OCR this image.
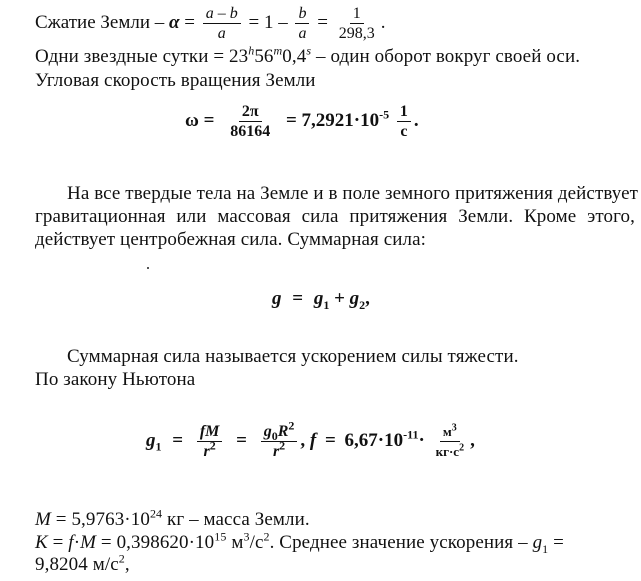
Сжатие Земли – $\alpha = \frac{a - b}{a} = 1 - \frac{b}{a} = \frac{1}{298,3}$ .
Одни звездные сутки = $23^h56^m0,4^s$ – один оборот вокруг своей оси.
Угловая скорость вращения Земли
$\omega = \frac{2\pi}{86164} = 7,2921\cdot 10^{-5} \frac{1}{с}$ .
На все твердые тела на Земле и в поле земного притяжения действует
гравитационная или массовая сила притяжения Земли. Кроме этого,
действует центробежная сила. Суммарная сила:
$g = g_1 + g_2$,
Суммарная сила называется ускорением силы тяжести.
По закону Ньютона
$g_1 = \frac{fM}{r^2} = \frac{g_0R^2}{r^2}$ , $f = 6,67\cdot 10^{-11}\cdot \frac{м^3}{кг\cdot с^2}$ ,
$M = 5,9763\cdot 10^{24}$ кг – масса Земли.
$K = f\cdot M = 0,398620\cdot 10^{15}$ $м^3/с^2$. Среднее значение ускорения – $g_1$ =
9,8204 $м/с^2$,
